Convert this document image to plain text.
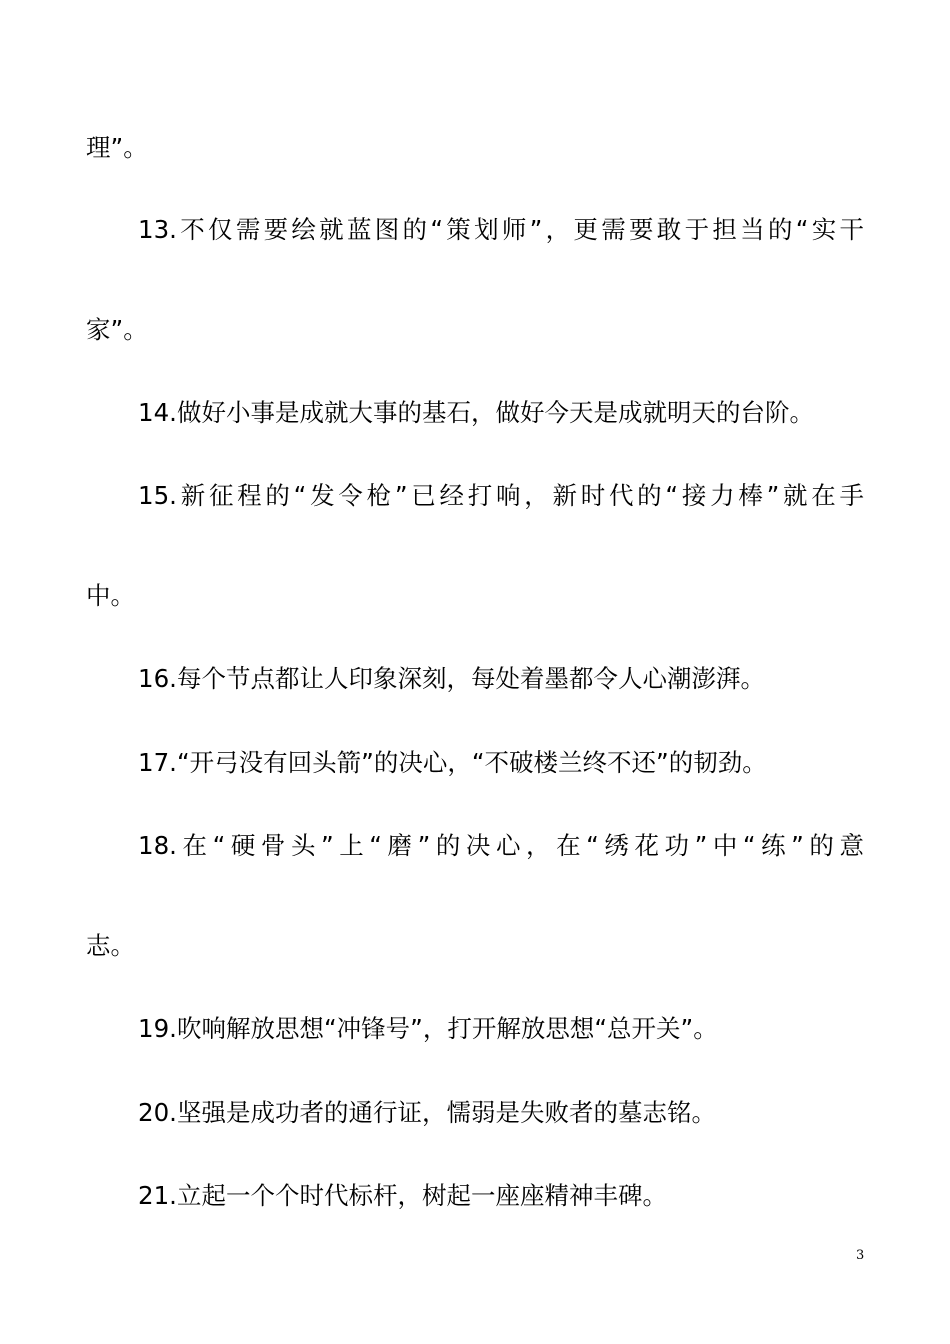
理”。
13.不仅需要绘就蓝图的“策划师”，更需要敢于担当的“实干
家”。
14.做好小事是成就大事的基石，做好今天是成就明天的台阶。
15.新征程的“发令枪”已经打响，新时代的“接力棒”就在手
中。
16.每个节点都让人印象深刻，每处着墨都令人心潮澎湃。
17.“开弓没有回头箭”的决心，“不破楼兰终不还”的韧劲。
18.在“硬骨头”上“磨”的决心，在“绣花功”中“练”的意
志。
19.吹响解放思想“冲锋号”，打开解放思想“总开关”。
20.坚强是成功者的通行证，懦弱是失败者的墓志铭。
21.立起一个个时代标杆，树起一座座精神丰碑。
3
